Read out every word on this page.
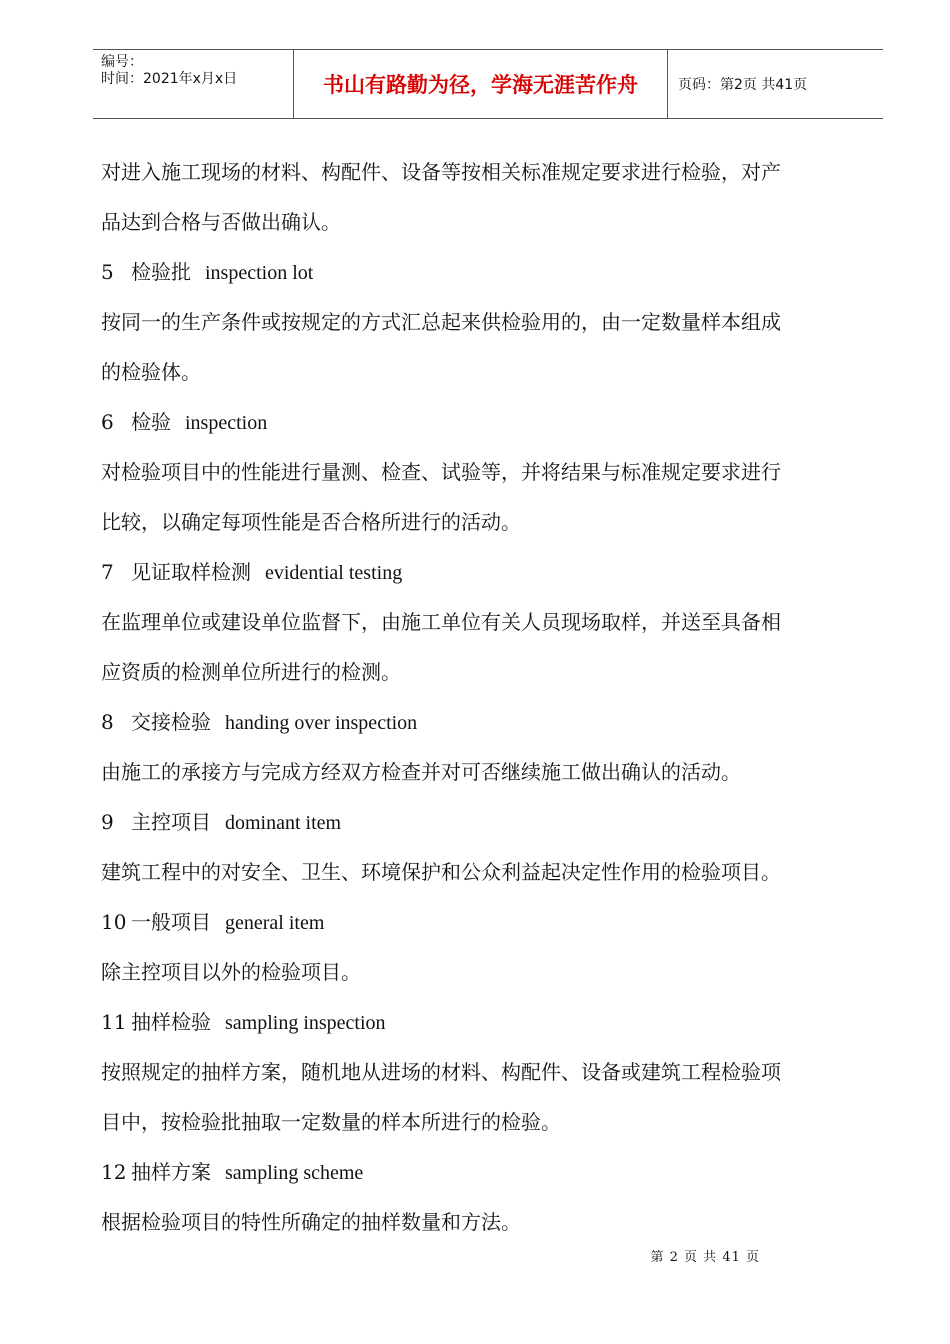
编号：
时间：2021年x月x日	书山有路勤为径，学海无涯苦作舟	页码：第2页 共41页
对进入施工现场的材料、构配件、设备等按相关标准规定要求进行检验，对产
品达到合格与否做出确认。
5 检验批 inspection lot
按同一的生产条件或按规定的方式汇总起来供检验用的，由一定数量样本组成
的检验体。
6 检验 inspection
对检验项目中的性能进行量测、检查、试验等，并将结果与标准规定要求进行
比较，以确定每项性能是否合格所进行的活动。
7 见证取样检测 evidential testing
在监理单位或建设单位监督下，由施工单位有关人员现场取样，并送至具备相
应资质的检测单位所进行的检测。
8 交接检验 handing over inspection
由施工的承接方与完成方经双方检查并对可否继续施工做出确认的活动。
9 主控项目 dominant item
建筑工程中的对安全、卫生、环境保护和公众利益起决定性作用的检验项目。
10 一般项目 general item
除主控项目以外的检验项目。
11 抽样检验 sampling inspection
按照规定的抽样方案，随机地从进场的材料、构配件、设备或建筑工程检验项
目中，按检验批抽取一定数量的样本所进行的检验。
12 抽样方案 sampling scheme
根据检验项目的特性所确定的抽样数量和方法。
第 2 页 共 41 页
